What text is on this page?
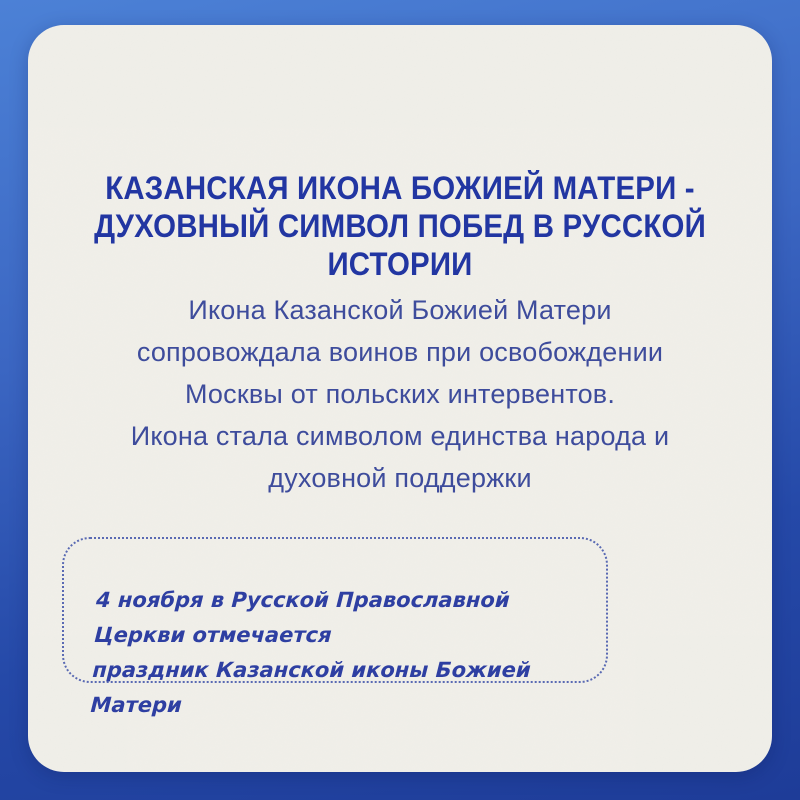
КАЗАНСКАЯ ИКОНА БОЖИЕЙ МАТЕРИ -
ДУХОВНЫЙ СИМВОЛ ПОБЕД В РУССКОЙ ИСТОРИИ
Икона Казанской Божией Матери
сопровождала воинов при освобождении
Москвы от польских интервентов.
Икона стала символом единства народа и
духовной поддержки
4 ноября в Русской Православной Церкви отмечается
праздник Казанской иконы Божией Матери
